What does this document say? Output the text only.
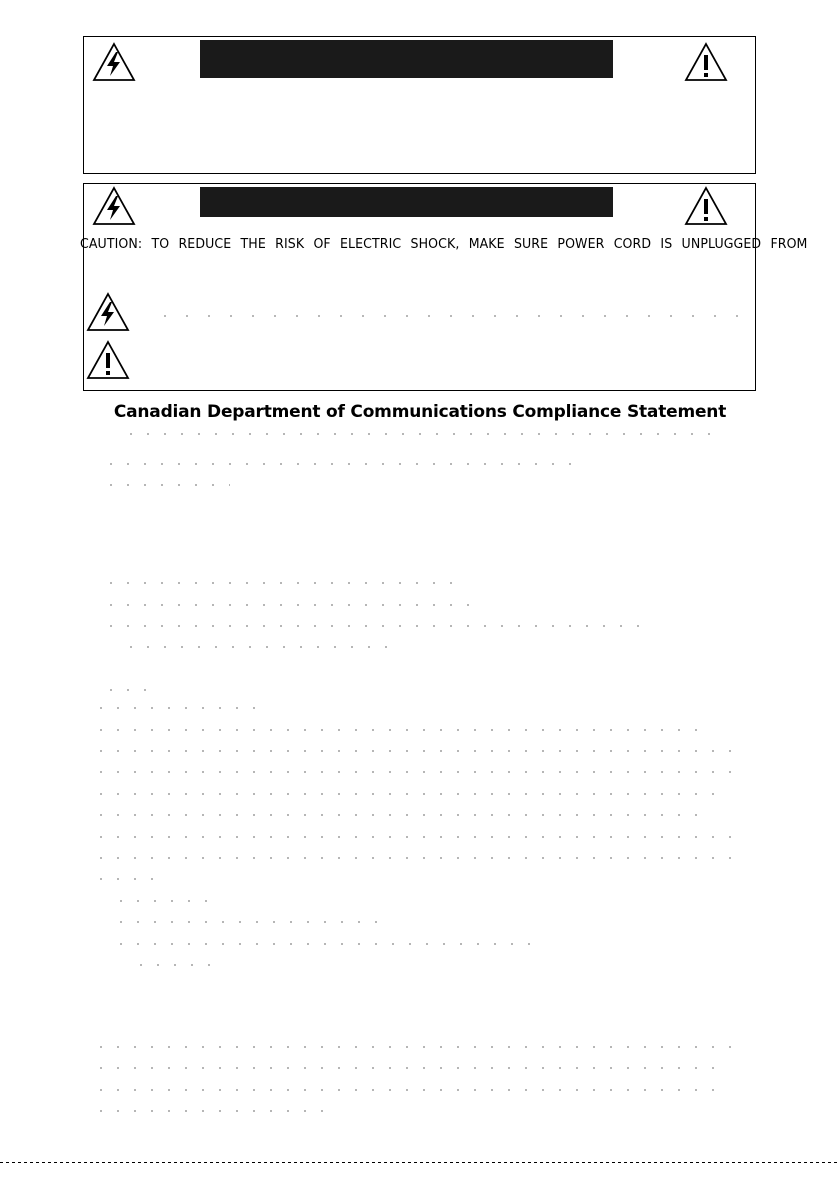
CAUTION: TO REDUCE THE RISK OF ELECTRIC SHOCK, MAKE SURE POWER CORD IS UNPLUGGED FROM
Canadian Department of Communications Compliance Statement
